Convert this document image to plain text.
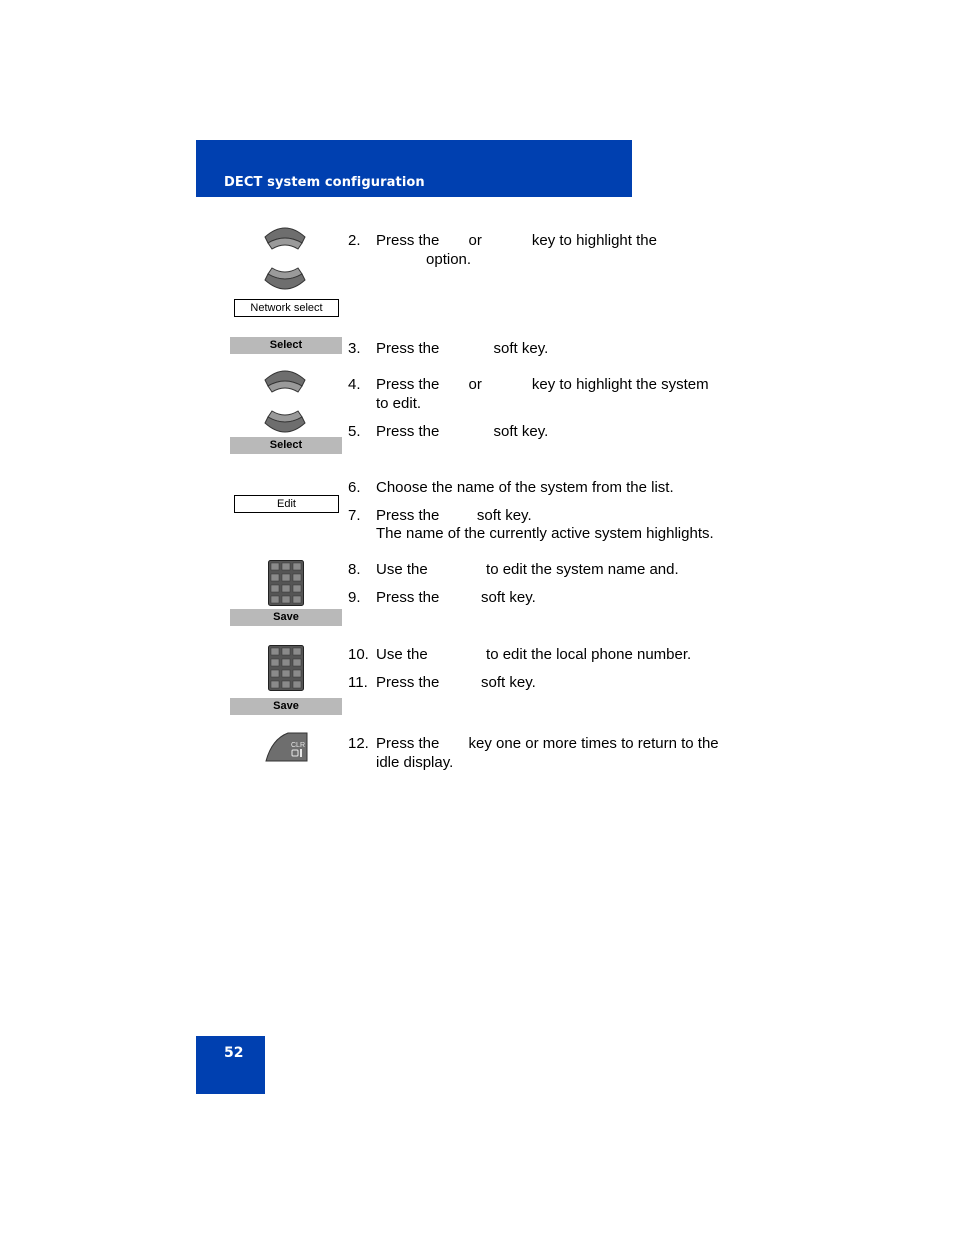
DECT system configuration
Network select
Select
Select
Edit
Save
Save
CLR
2. Press the       or            key to highlight the
option.
3. Press the             soft key.
4. Press the       or            key to highlight the system
to edit.
5. Press the             soft key.
6. Choose the name of the system from the list.
7. Press the         soft key.
The name of the currently active system highlights.
8. Use the              to edit the system name and.
9. Press the          soft key.
10. Use the              to edit the local phone number.
11. Press the          soft key.
12. Press the       key one or more times to return to the
idle display.
52
